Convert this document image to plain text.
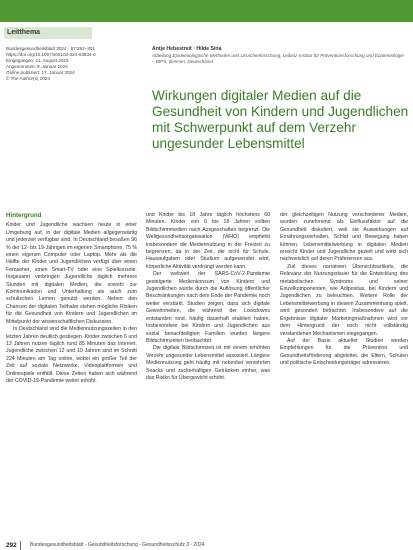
Leitthema
Bundesgesundheitsblatt 2024 · 67:292–301
https://doi.org/10.1007/s00103-024-03834-6
Eingegangen: 11. August 2023
Angenommen: 8. Januar 2024
Online publiziert: 17. Januar 2024
© The Author(s) 2024
Antje Hebestreit · Hilde Sina
Abteilung Epidemiologische Methoden und Ursachenforschung, Leibniz-Institut für Präventionsforschung und Epidemiologie – BIPS, Bremen, Deutschland
Wirkungen digitaler Medien auf die Gesundheit von Kindern und Jugendlichen mit Schwerpunkt auf dem Verzehr ungesunder Lebensmittel
Hintergrund

Kinder und Jugendliche wachsen heute in einer Umgebung auf, in der digitale Medien allgegenwärtig und jederzeit verfügbar sind. In Deutschland besaßen 96 % der 12- bis 19-Jährigen im eigenen Smartphone, 75 % einen eigenen Computer oder Laptop. Mehr als die Hälfte der Kinder und Jugendlichen verfügt über einen Fernseher, einen Smart-TV oder eine Spielkonsole. Insgesamt verbringen Jugendliche täglich mehrere Stunden mit digitalen Medien, die sowohl zur Kommunikation und Unterhaltung als auch zum schulischen Lernen genutzt werden. Neben den Chancen der digitalen Teilhabe stehen mögliche Risiken für die Gesundheit von Kindern und Jugendlichen im Mittelpunkt der wissenschaftlichen Diskussion.

In Deutschland sind die Mediennutzungszeiten in den letzten Jahren deutlich gestiegen. Kinder zwischen 6 und 13 Jahren nutzen täglich rund 85 Minuten das Internet. Jugendliche zwischen 12 und 19 Jahren sind im Schnitt 224 Minuten am Tag online, wobei ein großer Teil der Zeit auf soziale Netzwerke, Videoplattformen und Onlinespiele entfällt. Diese Zeiten haben sich während der COVID-19-Pandemie weiter erhöht.

und Kinder bis 18 Jahre täglich höchstens 60 Minuten. Kinder von 6 bis 18 Jahren sollten Bildschirmmedien nach Ausgeschalten begrenzt. Die Weltgesundheitsorganisation (WHO) empfiehlt insbesondere die Mediennutzung in der Freizeit zu begrenzen, da in der Zeit, die nicht für Schule, Hausaufgaben oder Studium aufgewendet wird, körperliche Aktivität verdrängt werden kann.

Der weltweit der SARS-CoV-2-Pandemie gesteigerte Medienkonsum von Kindern und Jugendlichen wurde durch die Auflösung öffentlicher Beschränkungen nach dem Ende der Pandemie noch weiter verstärkt. Studien zeigen, dass sich digitale Gewohnheiten, die während der Lockdowns entstanden sind, häufig dauerhaft etabliert haben. Insbesondere bei Kindern und Jugendlichen aus sozial benachteiligten Familien wurden längere Bildschirmzeiten beobachtet.

Die digitale Bildschirmzeit ist mit einem erhöhten Verzehr ungesunder Lebensmittel assoziiert. Längere Mediennutzung geht häufig mit nebenbei verzehrten Snacks und zuckerhaltigen Getränken einher, was das Risiko für Übergewicht erhöht.

der gleichzeitigen Nutzung verschiedener Medien, wurden zunehmend als Einflussfaktor auf die Gesundheit diskutiert, weil sie Auswirkungen auf Ernährungsverhalten, Schlaf und Bewegung haben können. Lebensmittelwerbung in digitalen Medien erreicht Kinder und Jugendliche gezielt und wirkt sich nachweislich auf deren Präferenzen aus.

Ziel dieses narrativen Übersichtsartikels, die Relevanz der Nutzungsdauer für die Entwicklung des metabolischen Syndroms und seiner Einzelkomponenten, wie Adipositas, bei Kindern und Jugendlichen zu beleuchten. Weitere Rolle der Lebensmittelwerbung in diesem Zusammenhang spielt, wird gesondert betrachtet. Insbesondere auf die Ergebnisse digitaler Marketingmaßnahmen wird vor dem Hintergrund der noch nicht vollständig verstandenen Mechanismen eingegangen.

Auf der Basis aktueller Studien werden Empfehlungen für die Prävention und Gesundheitsförderung abgeleitet, die Eltern, Schulen und politische Entscheidungsträger adressieren.

292	Bundesgesundheitsblatt - Gesundheitsforschung - Gesundheitsschutz 3 · 2024
